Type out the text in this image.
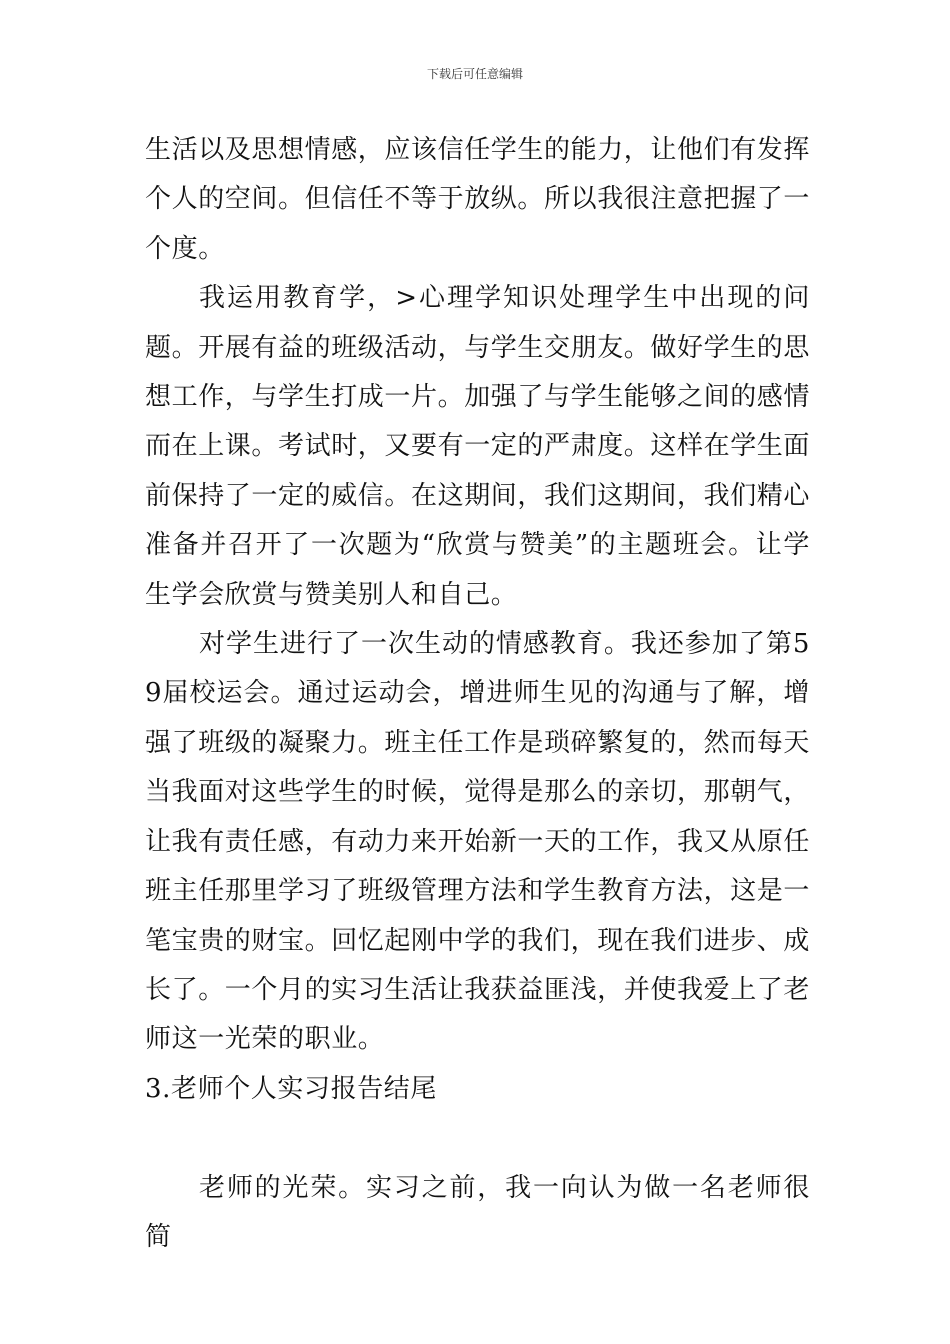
下载后可任意编辑

生活以及思想情感，应该信任学生的能力，让他们有发挥个人的空间。但信任不等于放纵。所以我很注意把握了一个度。

我运用教育学，>心理学知识处理学生中出现的问题。开展有益的班级活动，与学生交朋友。做好学生的思想工作，与学生打成一片。加强了与学生能够之间的感情而在上课。考试时，又要有一定的严肃度。这样在学生面前保持了一定的威信。在这期间，我们这期间，我们精心准备并召开了一次题为“欣赏与赞美”的主题班会。让学生学会欣赏与赞美别人和自己。

对学生进行了一次生动的情感教育。我还参加了第59届校运会。通过运动会，增进师生见的沟通与了解，增强了班级的凝聚力。班主任工作是琐碎繁复的，然而每天当我面对这些学生的时候，觉得是那么的亲切，那朝气，让我有责任感，有动力来开始新一天的工作，我又从原任班主任那里学习了班级管理方法和学生教育方法，这是一笔宝贵的财宝。回忆起刚中学的我们，现在我们进步、成长了。一个月的实习生活让我获益匪浅，并使我爱上了老师这一光荣的职业。

3.老师个人实习报告结尾

老师的光荣。实习之前，我一向认为做一名老师很简
